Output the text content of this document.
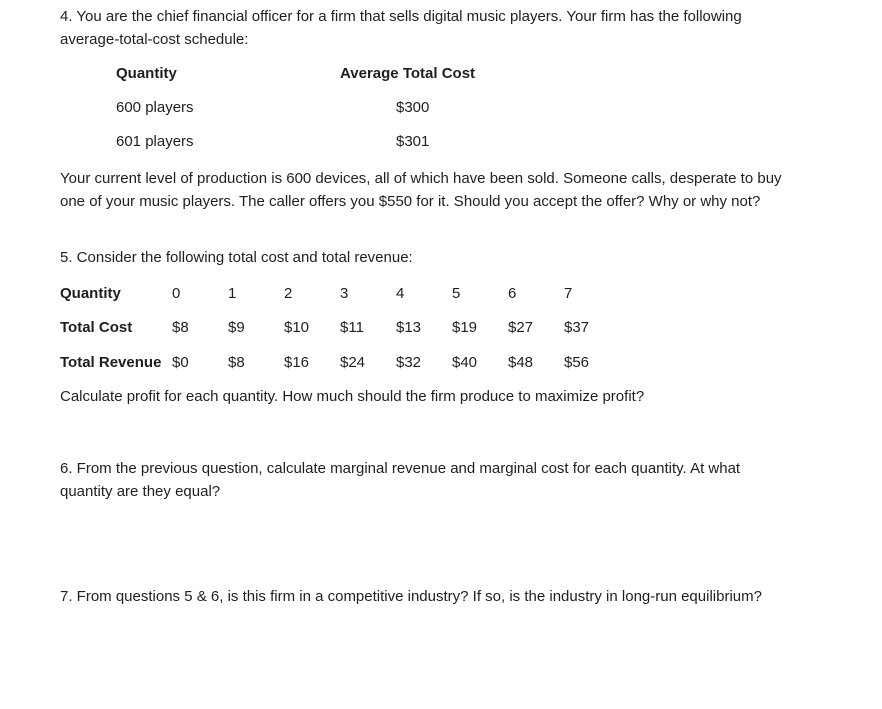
4. You are the chief financial officer for a firm that sells digital music players. Your firm has the following average-total-cost schedule:
Quantity	Average Total Cost
600 players	$300
601 players	$301
Your current level of production is 600 devices, all of which have been sold. Someone calls, desperate to buy one of your music players. The caller offers you $550 for it. Should you accept the offer? Why or why not?
5. Consider the following total cost and total revenue:
Quantity	0	1	2	3	4	5	6	7
Total Cost	$8	$9	$10 $11 $13 $19 $27 $37
Total Revenue $0	$8	$16 $24 $32 $40 $48 $56
Calculate profit for each quantity. How much should the firm produce to maximize profit?
6. From the previous question, calculate marginal revenue and marginal cost for each quantity. At what quantity are they equal?
7. From questions 5 & 6, is this firm in a competitive industry? If so, is the industry in long-run equilibrium?
